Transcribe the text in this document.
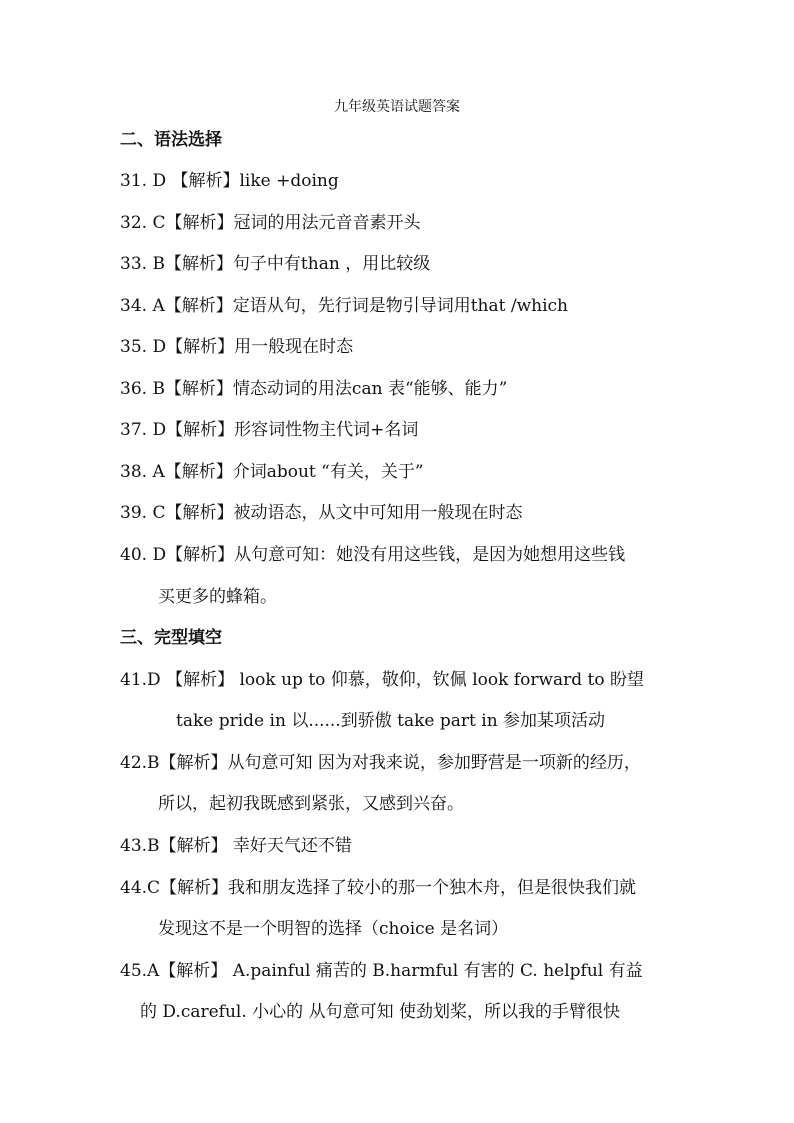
九年级英语试题答案
二、语法选择
31. D 【解析】like +doing
32. C【解析】冠词的用法元音音素开头
33. B【解析】句子中有than ，用比较级
34. A【解析】定语从句，先行词是物引导词用that /which
35. D【解析】用一般现在时态
36. B【解析】情态动词的用法can 表“能够、能力”
37. D【解析】形容词性物主代词+名词
38. A【解析】介词about “有关，关于”
39. C【解析】被动语态，从文中可知用一般现在时态
40. D【解析】从句意可知：她没有用这些钱，是因为她想用这些钱
买更多的蜂箱。
三、完型填空
41.D 【解析】 look up to 仰慕，敬仰，钦佩 look forward to 盼望
take pride in 以......到骄傲 take part in 参加某项活动
42.B【解析】从句意可知 因为对我来说，参加野营是一项新的经历，
所以，起初我既感到紧张，又感到兴奋。
43.B【解析】 幸好天气还不错
44.C【解析】我和朋友选择了较小的那一个独木舟，但是很快我们就
发现这不是一个明智的选择（choice 是名词）
45.A【解析】 A.painful 痛苦的 B.harmful 有害的 C. helpful 有益
的 D.careful. 小心的 从句意可知 使劲划桨，所以我的手臂很快
